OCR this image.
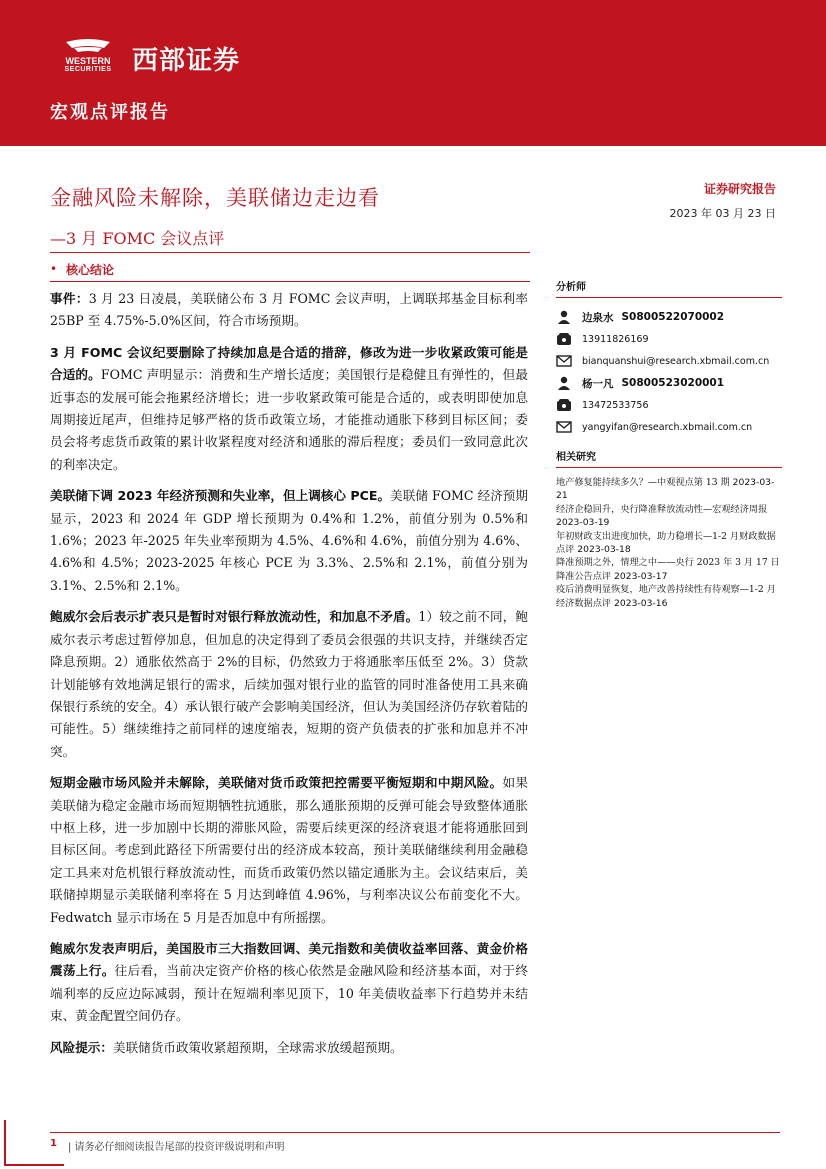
WESTERN
SECURITIES 西部证券
宏观点评报告
金融风险未解除，美联储边走边看
—3 月 FOMC 会议点评
证券研究报告
2023 年 03 月 23 日
• 核心结论

事件：3 月 23 日凌晨，美联储公布 3 月 FOMC 会议声明，上调联邦基金目标利率 25BP 至 4.75%-5.0%区间，符合市场预期。

3 月 FOMC 会议纪要删除了持续加息是合适的措辞，修改为进一步收紧政策可能是合适的。FOMC 声明显示：消费和生产增长适度；美国银行是稳健且有弹性的，但最近事态的发展可能会拖累经济增长；进一步收紧政策可能是合适的，或表明即使加息周期接近尾声，但维持足够严格的货币政策立场，才能推动通胀下移到目标区间；委员会将考虑货币政策的累计收紧程度对经济和通胀的滞后程度；委员们一致同意此次的利率决定。

美联储下调 2023 年经济预测和失业率，但上调核心 PCE。美联储 FOMC 经济预期显示，2023 和 2024 年 GDP 增长预期为 0.4%和 1.2%，前值分别为 0.5%和 1.6%；2023 年-2025 年失业率预期为 4.5%、4.6%和 4.6%，前值分别为 4.6%、4.6%和 4.5%；2023-2025 年核心 PCE 为 3.3%、2.5%和 2.1%，前值分别为 3.1%、2.5%和 2.1%。

鲍威尔会后表示扩表只是暂时对银行释放流动性，和加息不矛盾。1）较之前不同，鲍威尔表示考虑过暂停加息，但加息的决定得到了委员会很强的共识支持，并继续否定降息预期。2）通胀依然高于 2%的目标，仍然致力于将通胀率压低至 2%。3）贷款计划能够有效地满足银行的需求，后续加强对银行业的监管的同时准备使用工具来确保银行系统的安全。4）承认银行破产会影响美国经济，但认为美国经济仍存软着陆的可能性。5）继续维持之前同样的速度缩表，短期的资产负债表的扩张和加息并不冲突。

短期金融市场风险并未解除，美联储对货币政策把控需要平衡短期和中期风险。如果美联储为稳定金融市场而短期牺牲抗通胀，那么通胀预期的反弹可能会导致整体通胀中枢上移，进一步加剧中长期的滞胀风险，需要后续更深的经济衰退才能将通胀回到目标区间。考虑到此路径下所需要付出的经济成本较高，预计美联储继续利用金融稳定工具来对危机银行释放流动性，而货币政策仍然以锚定通胀为主。会议结束后，美联储掉期显示美联储利率将在 5 月达到峰值 4.96%，与利率决议公布前变化不大。Fedwatch 显示市场在 5 月是否加息中有所摇摆。

鲍威尔发表声明后，美国股市三大指数回调、美元指数和美债收益率回落、黄金价格震荡上行。往后看，当前决定资产价格的核心依然是金融风险和经济基本面，对于终端利率的反应边际减弱，预计在短端利率见顶下，10 年美债收益率下行趋势并未结束、黄金配置空间仍存。

风险提示：美联储货币政策收紧超预期，全球需求放缓超预期。

分析师
边泉水 S0800522070002
13911826169
bianquanshui@research.xbmail.com.cn
杨一凡 S0800523020001
13472533756
yangyifan@research.xbmail.com.cn
相关研究
地产修复能持续多久？—中观视点第 13 期 2023-03-21
经济企稳回升，央行降准释放流动性—宏观经济周报 2023-03-19
年初财政支出进度加快，助力稳增长—1-2 月财政数据点评 2023-03-18
降准预期之外，情理之中——央行 2023 年 3 月 17 日降准公告点评 2023-03-17
疫后消费明显恢复，地产改善持续性有待观察—1-2 月经济数据点评 2023-03-16
1 | 请务必仔细阅读报告尾部的投资评级说明和声明
